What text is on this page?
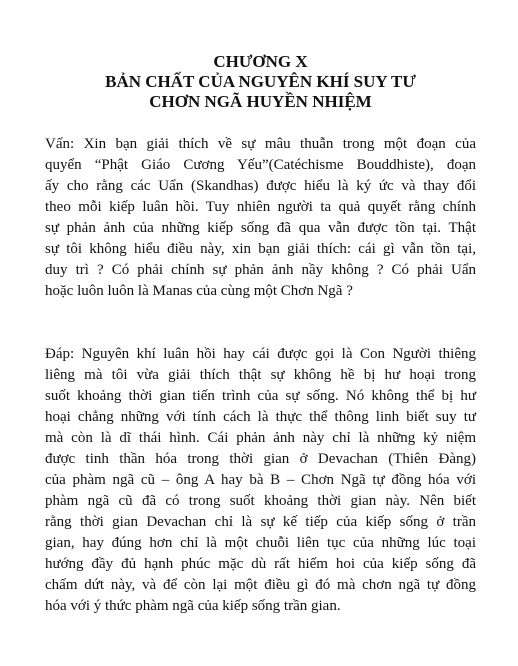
CHƯƠNG X
BẢN CHẤT CỦA NGUYÊN KHÍ SUY TƯ
CHƠN NGÃ HUYỀN NHIỆM

Vấn: Xin bạn giải thích về sự mâu thuẫn trong một đoạn của
quyển “Phật Giáo Cương Yếu”(Catéchisme Bouddhiste), đoạn
ấy cho rằng các Uẩn (Skandhas) được hiểu là ký ức và thay đổi
theo mỗi kiếp luân hồi. Tuy nhiên người ta quả quyết rằng chính
sự phản ảnh của những kiếp sống đã qua vẫn được tồn tại. Thật
sự tôi không hiểu điều này, xin bạn giải thích: cái gì vẫn tồn tại,
duy trì ? Có phải chính sự phản ảnh nầy không ? Có phải Uẩn
hoặc luôn luôn là Manas của cùng một Chơn Ngã ?

Đáp: Nguyên khí luân hồi hay cái được gọi là Con Người thiêng
liêng mà tôi vừa giải thích thật sự không hề bị hư hoại trong
suốt khoảng thời gian tiến trình của sự sống. Nó không thể bị hư
hoại chẳng những với tính cách là thực thể thông linh biết suy tư
mà còn là dĩ thái hình. Cái phản ảnh này chỉ là những kỷ niệm
được tinh thần hóa trong thời gian ở Devachan (Thiên Đàng)
của phàm ngã cũ – ông A hay bà B – Chơn Ngã tự đồng hóa với
phàm ngã cũ đã có trong suốt khoảng thời gian này. Nên biết
rằng thời gian Devachan chỉ là sự kế tiếp của kiếp sống ở trần
gian, hay đúng hơn chỉ là một chuỗi liên tục của những lúc toại
hướng đầy đủ hạnh phúc mặc dù rất hiếm hoi của kiếp sống đã
chấm dứt này, và để còn lại một điều gì đó mà chơn ngã tự đồng
hóa với ý thức phàm ngã của kiếp sống trần gian.
